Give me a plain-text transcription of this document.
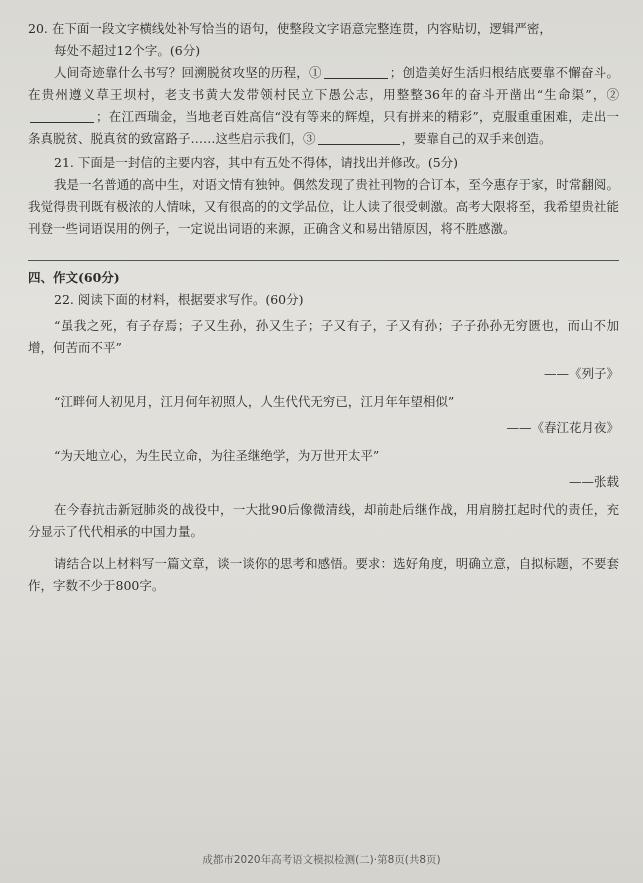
20. 在下面一段文字横线处补写恰当的语句，使整段文字语意完整连贯，内容贴切，逻辑严密，

每处不超过12个字。(6分)

人间奇迹靠什么书写？回溯脱贫攻坚的历程，①	；创造美好生活归根结底要靠不懈奋斗。在贵州遵义草王坝村，老支书黄大发带领村民立下愚公志，用整整36年的奋斗开凿出“生命渠”，②；在江西瑞金，当地老百姓高信“没有等来的辉煌，只有拼来的精彩”，克服重重困难，走出一条真脱贫、脱真贫的致富路子……这些启示我们，③	，要靠自己的双手来创造。

21. 下面是一封信的主要内容，其中有五处不得体，请找出并修改。(5分)

我是一名普通的高中生，对语文情有独钟。偶然发现了贵社刊物的合订本，至今惠存于家，时常翻阅。我觉得贵刊既有极浓的人情味，又有很高的的文学品位，让人读了很受刺激。高考大限将至，我希望贵社能刊登一些词语误用的例子，一定说出词语的来源，正确含义和易出错原因，将不胜感激。

四、作文(60分)

22. 阅读下面的材料，根据要求写作。(60分)

“虽我之死，有子存焉；子又生孙，孙又生子；子又有子，子又有孙；子子孙孙无穷匮也，而山不加增，何苦而不平”

——《列子》

“江畔何人初见月，江月何年初照人，人生代代无穷已，江月年年望相似”

——《春江花月夜》

“为天地立心，为生民立命，为往圣继绝学，为万世开太平”

——张载

在今春抗击新冠肺炎的战役中，一大批90后像微清线，却前赴后继作战，用肩膀扛起时代的责任，充分显示了代代相承的中国力量。

请结合以上材料写一篇文章，谈一谈你的思考和感悟。要求：选好角度，明确立意，自拟标题，不要套作，字数不少于800字。

成都市2020年高考语文模拟检测(二)·第8页(共8页)
